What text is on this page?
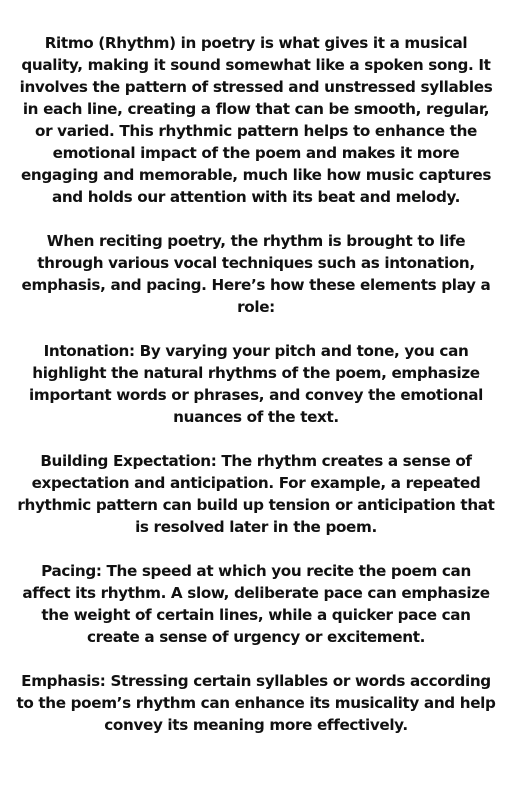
Ritmo (Rhythm) in poetry is what gives it a musical quality, making it sound somewhat like a spoken song. It involves the pattern of stressed and unstressed syllables in each line, creating a flow that can be smooth, regular, or varied. This rhythmic pattern helps to enhance the emotional impact of the poem and makes it more engaging and memorable, much like how music captures and holds our attention with its beat and melody.

When reciting poetry, the rhythm is brought to life through various vocal techniques such as intonation, emphasis, and pacing. Here’s how these elements play a role:

Intonation: By varying your pitch and tone, you can highlight the natural rhythms of the poem, emphasize important words or phrases, and convey the emotional nuances of the text.

Building Expectation: The rhythm creates a sense of expectation and anticipation. For example, a repeated rhythmic pattern can build up tension or anticipation that is resolved later in the poem.

Pacing: The speed at which you recite the poem can affect its rhythm. A slow, deliberate pace can emphasize the weight of certain lines, while a quicker pace can create a sense of urgency or excitement.

Emphasis: Stressing certain syllables or words according to the poem’s rhythm can enhance its musicality and help convey its meaning more effectively.
